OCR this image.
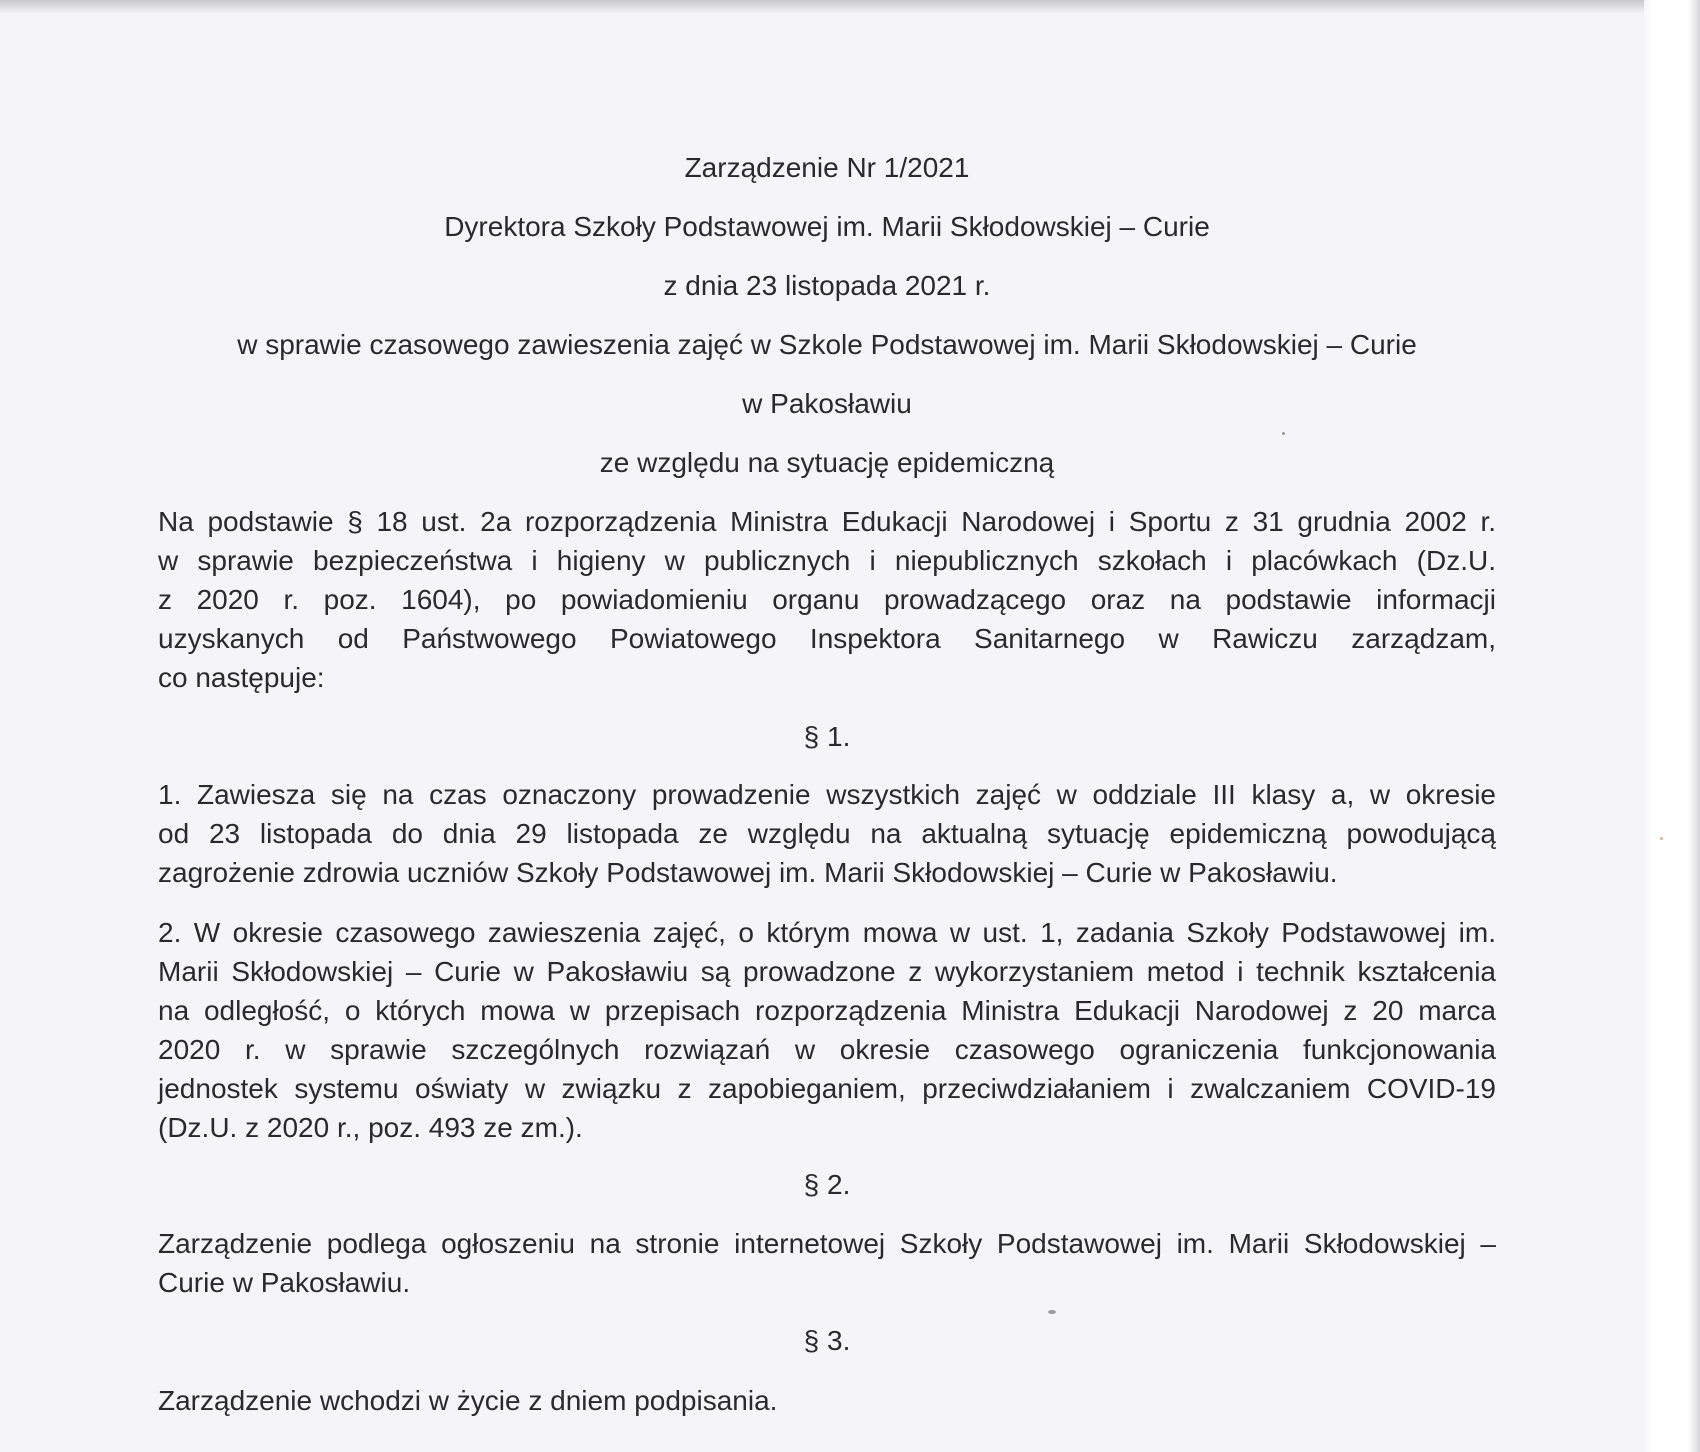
Zarządzenie Nr 1/2021
Dyrektora Szkoły Podstawowej im. Marii Skłodowskiej – Curie
z dnia 23 listopada 2021 r.
w sprawie czasowego zawieszenia zajęć w Szkole Podstawowej im. Marii Skłodowskiej – Curie
w Pakosławiu
ze względu na sytuację epidemiczną
Na podstawie § 18 ust. 2a rozporządzenia Ministra Edukacji Narodowej i Sportu z 31 grudnia 2002 r.
w sprawie bezpieczeństwa i higieny w publicznych i niepublicznych szkołach i placówkach (Dz.U.
z 2020 r. poz. 1604), po powiadomieniu organu prowadzącego oraz na podstawie informacji
uzyskanych od Państwowego Powiatowego Inspektora Sanitarnego w Rawiczu zarządzam,
co następuje:
§ 1.
1. Zawiesza się na czas oznaczony prowadzenie wszystkich zajęć w oddziale III klasy a, w okresie
od 23 listopada do dnia 29 listopada ze względu na aktualną sytuację epidemiczną powodującą
zagrożenie zdrowia uczniów Szkoły Podstawowej im. Marii Skłodowskiej – Curie w Pakosławiu.
2. W okresie czasowego zawieszenia zajęć, o którym mowa w ust. 1, zadania Szkoły Podstawowej im.
Marii Skłodowskiej – Curie w Pakosławiu są prowadzone z wykorzystaniem metod i technik kształcenia
na odległość, o których mowa w przepisach rozporządzenia Ministra Edukacji Narodowej z 20 marca
2020 r. w sprawie szczególnych rozwiązań w okresie czasowego ograniczenia funkcjonowania
jednostek systemu oświaty w związku z zapobieganiem, przeciwdziałaniem i zwalczaniem COVID-19
(Dz.U. z 2020 r., poz. 493 ze zm.).
§ 2.
Zarządzenie podlega ogłoszeniu na stronie internetowej Szkoły Podstawowej im. Marii Skłodowskiej –
Curie w Pakosławiu.
§ 3.
Zarządzenie wchodzi w życie z dniem podpisania.
